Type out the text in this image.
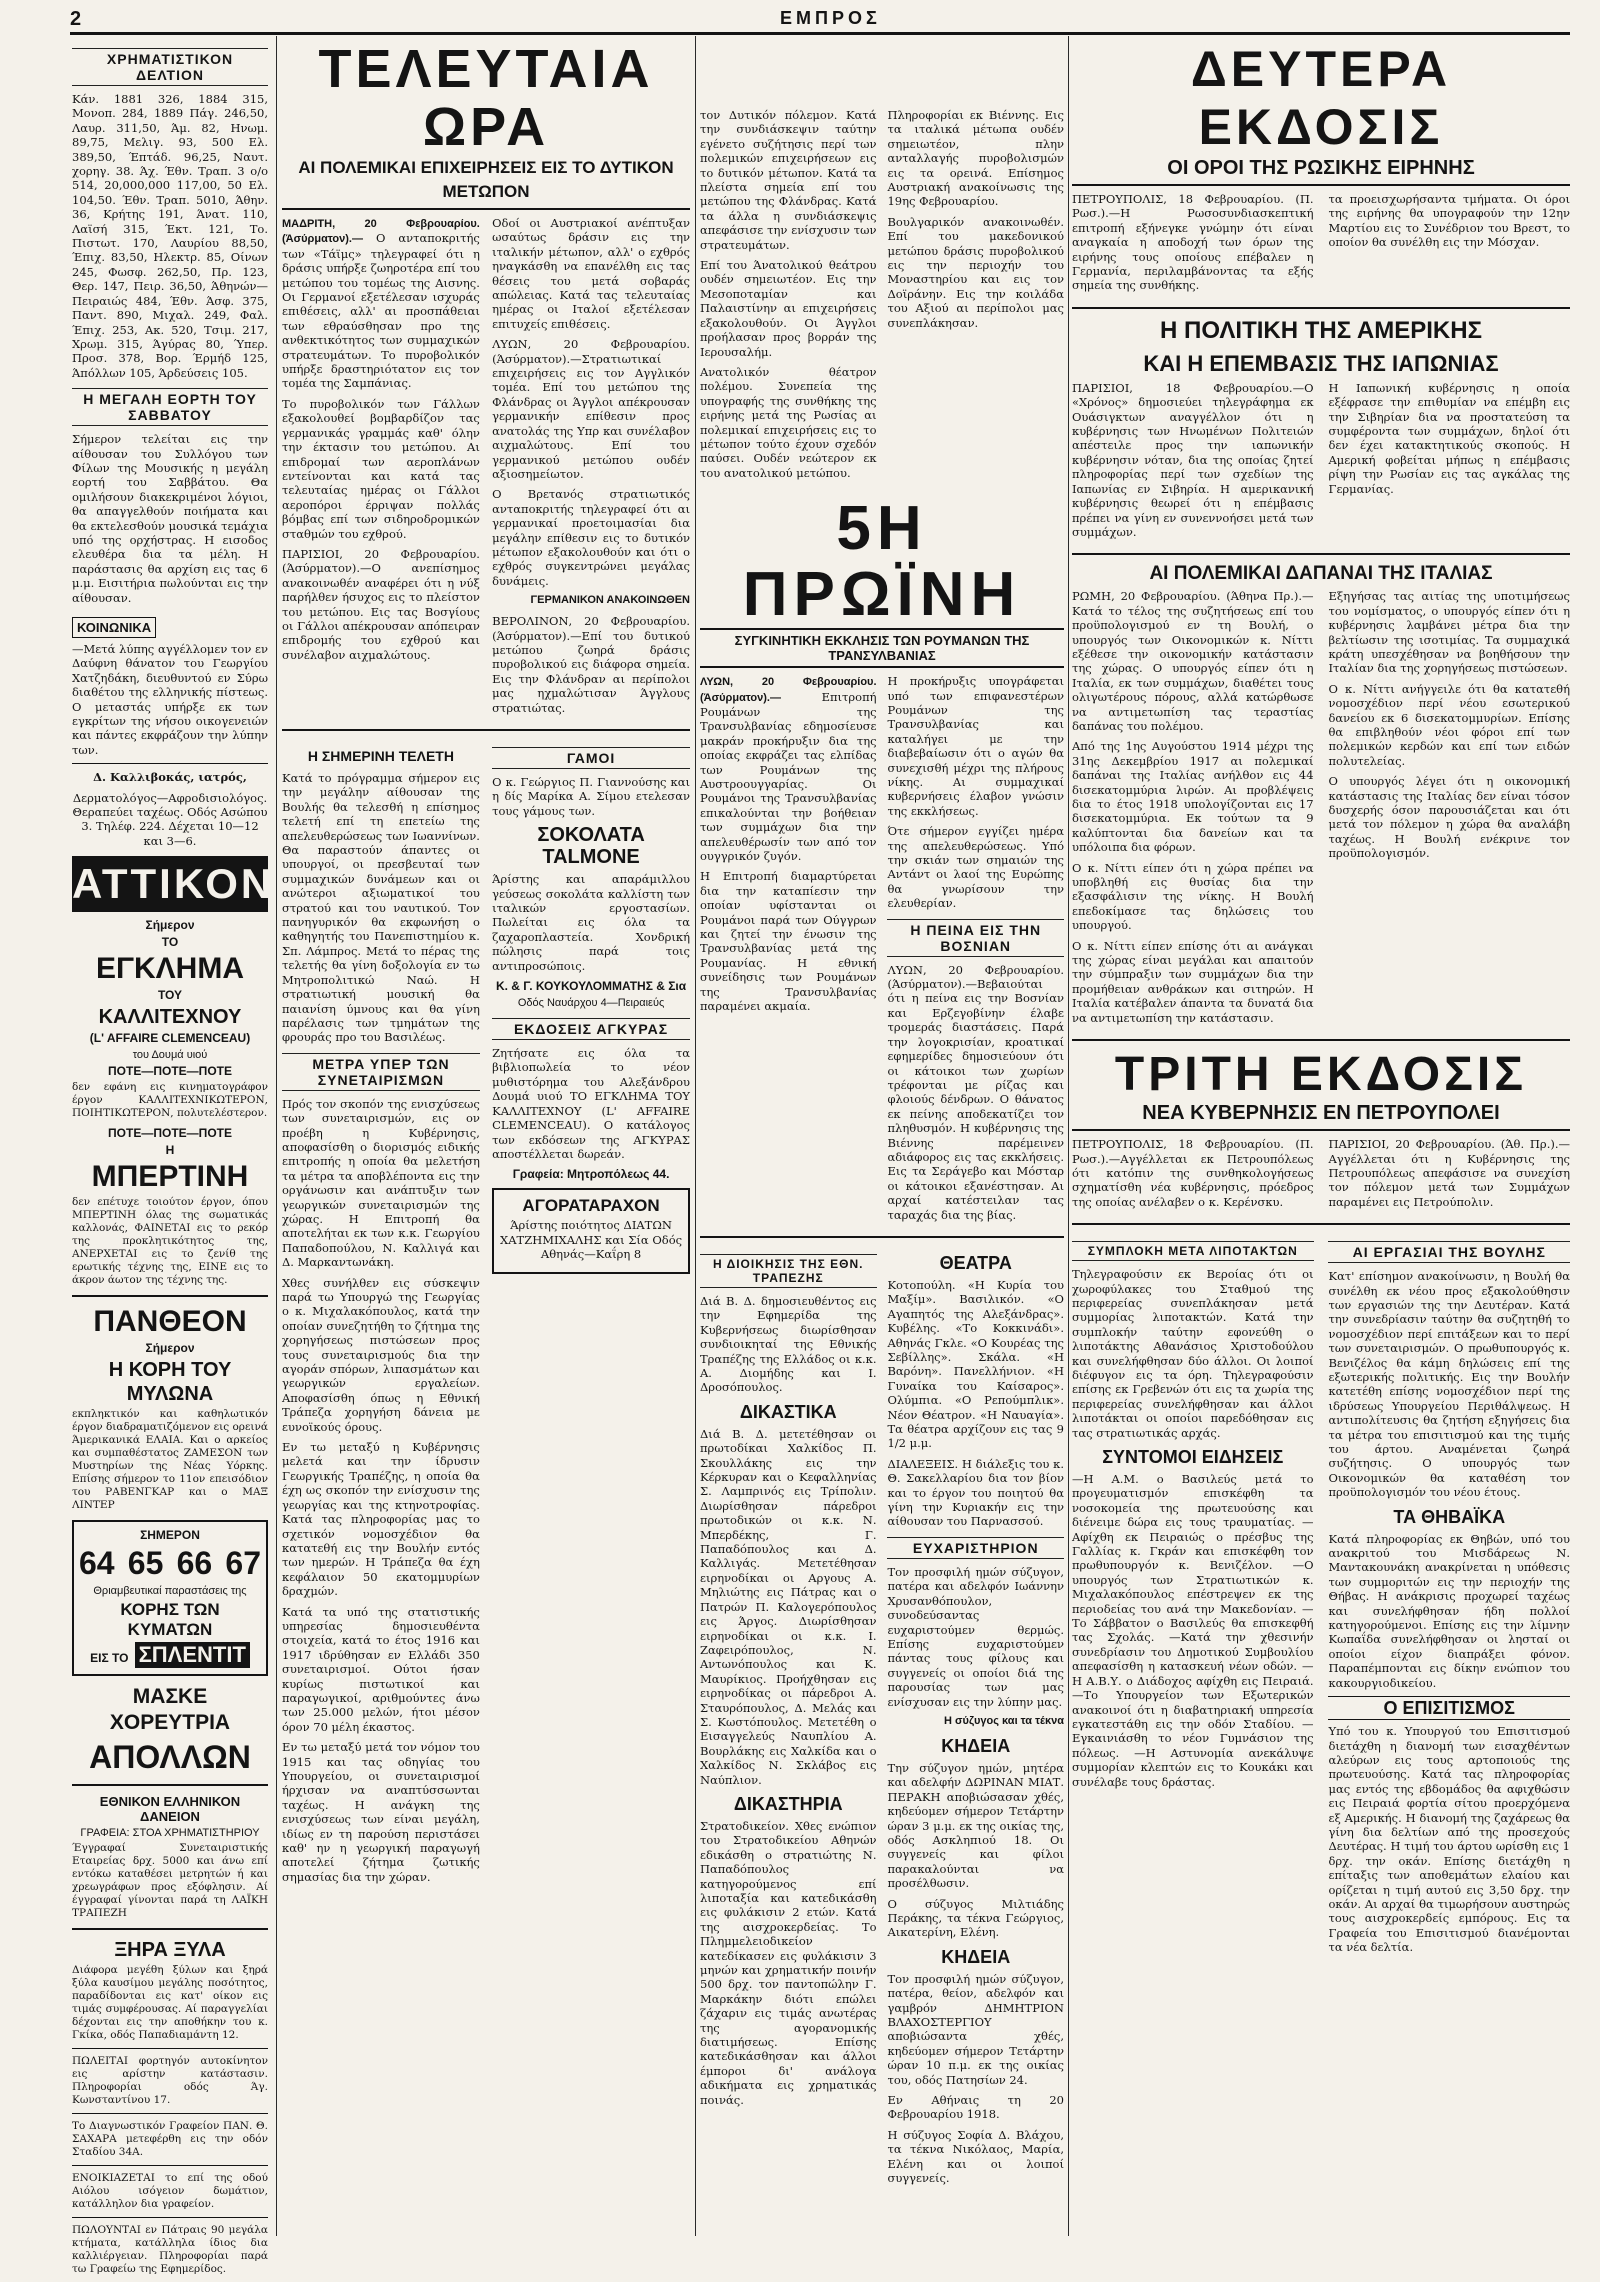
2	ΕΜΠΡΟΣ
ΧΡΗΜΑΤΙΣΤΙΚΟΝ ΔΕΛΤΙΟΝ

Κάν. 1881 326, 1884 315, Μονοπ. 284, 1889 Πάγ. 246,50, Λαυρ. 311,50, Άμ. 82, Ηνωμ. 89,75, Μελιγ. 93, 500 Ελ. 389,50, Έπτάδ. 96,25, Ναυτ. χορηγ. 38. Άχ. Έθν. Τραπ. 3 ο/ο 514, 20,000,000 117,00, 50 Ελ. 104,50. Έθν. Τραπ. 5010, Άθην. 36, Κρήτης 191, Άνατ. 110, Λαϊσή 315, Έκτ. 121, Το. Πιστωτ. 170, Λαυρίου 88,50, Έπιχ. 83,50, Ηλεκτρ. 85, Οίνων 245, Φωσφ. 262,50, Πρ. 123, Θερ. 147, Πειρ. 36,50, Άθηνών—Πειραιώς 484, Έθν. Άσφ. 375, Παντ. 890, Μιχαλ. 249, Φαλ. Έπιχ. 253, Ακ. 520, Τσιμ. 217, Χρωμ. 315, Άγύρας 80, Ύπερ. Προσ. 378, Βορ. Έρμήδ 125, Άπόλλων 105, Άρδεύσεις 105.

Η ΜΕΓΑΛΗ ΕΟΡΤΗ ΤΟΥ ΣΑΒΒΑΤΟΥ

Σήμερον τελείται εις την αίθουσαν του Συλλόγου των Φίλων της Μουσικής η μεγάλη εορτή του Σαββάτου. Θα ομιλήσουν διακεκριμένοι λόγιοι, θα απαγγελθούν ποιήματα και θα εκτελεσθούν μουσικά τεμάχια υπό της ορχήστρας. Η εισοδος ελευθέρα δια τα μέλη. Η παράστασις θα αρχίση εις τας 6 μ.μ. Εισιτήρια πωλούνται εις την αίθουσαν.

ΚΟΙΝΩΝΙΚΑ

—Μετά λύπης αγγέλλομεν τον εν Δαύφνη θάνατον του Γεωργίου Χατζηδάκη, διευθυντού εν Σύρω διαθέτου της ελληνικής πίστεως. Ο μεταστάς υπήρξε εκ των εγκρίτων της νήσου οικογενειών και πάντες εκφράζουν την λύπην των.

Δ. Καλλιβοκάς, ιατρός,

Δερματολόγος—Αφροδισιολόγος. Θεραπεύει ταχέως. Οδός Ασώπου 3. Τηλέφ. 224. Δέχεται 10—12 και 3—6.

ΑΤΤΙΚΟΝ
Σήμερον
ΤΟ
ΕΓΚΛΗΜΑ
ΤΟΥ
ΚΑΛΛΙΤΕΧΝΟΥ
(L' AFFAIRE CLEMENCEAU)
του Δουμά υιού
ΠΟΤΕ—ΠΟΤΕ—ΠΟΤΕ

δεν εφάνη εις κινηματογράφον έργον ΚΑΛΛΙΤΕΧΝΙΚΩΤΕΡΟΝ, ΠΟΙΗΤΙΚΩΤΕΡΟΝ, πολυτελέστερον.

ΠΟΤΕ—ΠΟΤΕ—ΠΟΤΕ
Η
ΜΠΕΡΤΙΝΗ

δεν επέτυχε τοιούτον έργον, όπου ΜΠΕΡΤΙΝΗ όλας της σωματικάς καλλονάς, ΦΑΙΝΕΤΑΙ εις το ρεκόρ της προκλητικότητος της, ΑΝΕΡΧΕΤΑΙ εις το ζενίθ της ερωτικής τέχνης της, ΕΙΝΕ εις το άκρον άωτον της τέχνης της.

ΠΑΝΘΕΟΝ
Σήμερον
Η ΚΟΡΗ ΤΟΥ ΜΥΛΩΝΑ

εκπληκτικόν και καθηλωτικόν έργον διαδραματιζόμενον εις ορεινά Άμερικανικά ΕΛΑΙΑ. Και ο αρκείος και συμπαθέστατος ΖΑΜΕΣΟΝ των Μυστηρίων της Νέας Υόρκης. Επίσης σήμερον το 11ον επεισόδιον του ΡΑΒΕΝΓΚΑΡ και ο ΜΑΞ ΛΙΝΤΕΡ

ΣΗΜΕΡΟΝ
64 65 66 67
Θριαμβευτικαί παραστάσεις της
ΚΟΡΗΣ ΤΩΝ ΚΥΜΑΤΩΝ
ΕΙΣ ΤΟ ΣΠΛΕΝΤΙΤ
ΜΑΣΚΕ ΧΟΡΕΥΤΡΙΑ
ΑΠΟΛΛΩΝ
ΕΘΝΙΚΟΝ ΕΛΛΗΝΙΚΟΝ ΔΑΝΕΙΟΝ
ΓΡΑΦΕΙΑ: ΣΤΟΑ ΧΡΗΜΑΤΙΣΤΗΡΙΟΥ

Έγγραφαί Συνεταιριστικής Εταιρείας δρχ. 5000 και άνω επί εντόκω καταθέσει μετρητών ή και χρεωγράφων προς εξόφλησιν. Αί έγγραφαί γίνονται παρά τη ΛΑΪΚΗ ΤΡΑΠΕΖΗ

ΞΗΡΑ ΞΥΛΑ

Διάφορα μεγέθη ξύλων και ξηρά ξύλα καυσίμου μεγάλης ποσότητος, παραδίδονται εις κατ' οίκον εις τιμάς συμφέρουσας. Αί παραγγελίαι δέχονται εις την αποθήκην του κ. Γκίκα, οδός Παπαδιαμάντη 12.

ΠΩΛΕΙΤΑΙ φορτηγόν αυτοκίνητον εις αρίστην κατάστασιν. Πληροφορίαι οδός Άγ. Κωνσταντίνου 17.

Το Διαγνωστικόν Γραφείον ΠΑΝ. Θ. ΣΑΧΑΡΑ μετεφέρθη εις την οδόν Σταδίου 34Α.

ΕΝΟΙΚΙΑΖΕΤΑΙ το επί της οδού Αιόλου ισόγειον δωμάτιον, κατάλληλον δια γραφείον.

ΠΩΛΟΥΝΤΑΙ εν Πάτραις 90 μεγάλα κτήματα, κατάλληλα ίδιος δια καλλιέργειαν. Πληροφορίαι παρά τω Γραφείω της Εφημερίδος.

ΤΕΛΕΥΤΑΙΑ ΩΡΑ
ΑΙ ΠΟΛΕΜΙΚΑΙ ΕΠΙΧΕΙΡΗΣΕΙΣ ΕΙΣ ΤΟ ΔΥΤΙΚΟΝ ΜΕΤΩΠΟΝ

ΜΑΔΡΙΤΗ, 20 Φεβρουαρίου. (Άσύρματον).— Ο ανταποκριτής των «Τάϊμς» τηλεγραφεί ότι η δράσις υπήρξε ζωηροτέρα επί του μετώπου του τομέως της Αισνης. Οι Γερμανοί εξετέλεσαν ισχυράς επιθέσεις, αλλ' αι προσπάθειαι των εθραύσθησαν προ της ανθεκτικότητος των συμμαχικών στρατευμάτων. Το πυροβολικόν υπήρξε δραστηριότατον εις τον τομέα της Σαμπάνιας.

Το πυροβολικόν των Γάλλων εξακολουθεί βομβαρδίζον τας γερμανικάς γραμμάς καθ' όλην την έκτασιν του μετώπου. Αι επιδρομαί των αεροπλάνων εντείνονται και κατά τας τελευταίας ημέρας οι Γάλλοι αεροπόροι έρριψαν πολλάς βόμβας επί των σιδηροδρομικών σταθμών του εχθρού.

ΠΑΡΙΣΙΟΙ, 20 Φεβρουαρίου. (Άσύρματον).—Ο ανεπίσημος ανακοινωθέν αναφέρει ότι η νύξ παρήλθεν ήσυχος εις το πλείστον του μετώπου. Εις τας Βοσγίους οι Γάλλοι απέκρουσαν απόπειραν επιδρομής του εχθρού και συνέλαβον αιχμαλώτους.

Οδοί οι Αυστριακοί ανέπτυξαν ωσαύτως δράσιν εις την ιταλικήν μέτωπον, αλλ' ο εχθρός ηναγκάσθη να επανέλθη εις τας θέσεις του μετά σοβαράς απώλειας. Κατά τας τελευταίας ημέρας οι Ιταλοί εξετέλεσαν επιτυχείς επιθέσεις.

ΛΥΩΝ, 20 Φεβρουαρίου. (Άσύρματον).—Στρατιωτικαί επιχειρήσεις εις τον Αγγλικόν τομέα. Επί του μετώπου της Φλάνδρας οι Άγγλοι απέκρουσαν γερμανικήν επίθεσιν προς ανατολάς της Υπρ και συνέλαβον αιχμαλώτους. Επί του γερμανικού μετώπου ουδέν αξιοσημείωτον.

Ο Βρετανός στρατιωτικός ανταποκριτής τηλεγραφεί ότι αι γερμανικαί προετοιμασίαι δια μεγάλην επίθεσιν εις το δυτικόν μέτωπον εξακολουθούν και ότι ο εχθρός συγκεντρώνει μεγάλας δυνάμεις.

ΓΕΡΜΑΝΙΚΟΝ ΑΝΑΚΟΙΝΩΘΕΝ

ΒΕΡΟΛΙΝΟΝ, 20 Φεβρουαρίου. (Άσύρματον).—Επί του δυτικού μετώπου ζωηρά δράσις πυροβολικού εις διάφορα σημεία. Εις την Φλάνδραν αι περίπολοι μας ηχμαλώτισαν Άγγλους στρατιώτας.

Η ΣΗΜΕΡΙΝΗ ΤΕΛΕΤΗ

Κατά το πρόγραμμα σήμερον εις την μεγάλην αίθουσαν της Βουλής θα τελεσθή η επίσημος τελετή επί τη επετείω της απελευθερώσεως των Ιωαννίνων. Θα παραστούν άπαντες οι υπουργοί, οι πρεσβευταί των συμμαχικών δυνάμεων και οι ανώτεροι αξιωματικοί του στρατού και του ναυτικού. Τον πανηγυρικόν θα εκφωνήση ο καθηγητής του Πανεπιστημίου κ. Σπ. Λάμπρος. Μετά το πέρας της τελετής θα γίνη δοξολογία εν τω Μητροπολιτικώ Ναώ. Η στρατιωτική μουσική θα παιανίση ύμνους και θα γίνη παρέλασις των τμημάτων της φρουράς προ του Βασιλέως.

ΜΕΤΡΑ ΥΠΕΡ ΤΩΝ ΣΥΝΕΤΑΙΡΙΣΜΩΝ

Πρός τον σκοπόν της ενισχύσεως των συνεταιρισμών, εις ον προέβη η Κυβέρνησις, αποφασίσθη ο διορισμός ειδικής επιτροπής η οποία θα μελετήση τα μέτρα τα αποβλέποντα εις την οργάνωσιν και ανάπτυξιν των γεωργικών συνεταιρισμών της χώρας. Η Επιτροπή θα αποτελήται εκ των κ.κ. Γεωργίου Παπαδοπούλου, Ν. Καλλιγά και Δ. Μαρκαντωνάκη.

Χθες συνήλθεν εις σύσκεψιν παρά τω Υπουργώ της Γεωργίας ο κ. Μιχαλακόπουλος, κατά την οποίαν συνεζητήθη το ζήτημα της χορηγήσεως πιστώσεων προς τους συνεταιρισμούς δια την αγοράν σπόρων, λιπασμάτων και γεωργικών εργαλείων. Αποφασίσθη όπως η Εθνική Τράπεζα χορηγήση δάνεια με ευνοϊκούς όρους.

Εν τω μεταξύ η Κυβέρνησις μελετά και την ίδρυσιν Γεωργικής Τραπέζης, η οποία θα έχη ως σκοπόν την ενίσχυσιν της γεωργίας και της κτηνοτροφίας. Κατά τας πληροφορίας μας το σχετικόν νομοσχέδιον θα κατατεθή εις την Βουλήν εντός των ημερών. Η Τράπεζα θα έχη κεφάλαιον 50 εκατομμυρίων δραχμών.

Κατά τα υπό της στατιστικής υπηρεσίας δημοσιευθέντα στοιχεία, κατά το έτος 1916 και 1917 ιδρύθησαν εν Ελλάδι 350 συνεταιρισμοί. Ούτοι ήσαν κυρίως πιστωτικοί και παραγωγικοί, αριθμούντες άνω των 25.000 μελών, ήτοι μέσον όρον 70 μέλη έκαστος.

Εν τω μεταξύ μετά τον νόμον του 1915 και τας οδηγίας του Υπουργείου, οι συνεταιρισμοί ήρχισαν να αναπτύσσωνται ταχέως. Η ανάγκη της ενισχύσεως των είναι μεγάλη, ιδίως εν τη παρούση περιστάσει καθ' ην η γεωργική παραγωγή αποτελεί ζήτημα ζωτικής σημασίας δια την χώραν.

ΓΑΜΟΙ

Ο κ. Γεώργιος Π. Γιαννούσης και η δίς Μαρίκα Α. Σίμου ετελεσαν τους γάμους των.

ΣΟΚΟΛΑΤΑ TALMONE

Άρίστης και απαράμιλλου γεύσεως σοκολάτα καλλίστη των ιταλικών εργοστασίων. Πωλείται εις όλα τα ζαχαροπλαστεία. Χονδρική πώλησις παρά τοις αντιπροσώποις.

Κ. & Γ. ΚΟΥΚΟΥΛΟΜΜΑΤΗΣ & Σια
Οδός Ναυάρχου 4—Πειραιεύς
ΕΚΔΟΣΕΙΣ ΑΓΚΥΡΑΣ

Ζητήσατε εις όλα τα βιβλιοπωλεία το νέον μυθιστόρημα του Αλεξάνδρου Δουμά υιού ΤΟ ΕΓΚΛΗΜΑ ΤΟΥ ΚΑΛΛΙΤΕΧΝΟΥ (L' AFFAIRE CLEMENCEAU). Ο κατάλογος των εκδόσεων της ΑΓΚΥΡΑΣ αποστέλλεται δωρεάν.

Γραφεία: Μητροπόλεως 44.
ΑΓΟΡΑΤΑΡΑΧΟΝ

Άρίστης ποιότητος ΔΙΑΤΩΝ ΧΑΤΖΗΜΙΧΑΛΗΣ και Σία Οδός Αθηνάς—Καΐρη 8

τον Δυτικόν πόλεμον. Κατά την συνδιάσκεψιν ταύτην εγένετο συζήτησις περί των πολεμικών επιχειρήσεων εις το δυτικόν μέτωπον. Κατά τα πλείστα σημεία επί του μετώπου της Φλάνδρας. Κατά τα άλλα η συνδιάσκεψις απεφάσισε την ενίσχυσιν των στρατευμάτων.

Επί του Άνατολικού θεάτρου ουδέν σημειωτέον. Εις την Μεσοποταμίαν και Παλαιστίνην αι επιχειρήσεις εξακολουθούν. Οι Άγγλοι προήλασαν προς βορράν της Ιερουσαλήμ.

Ανατολικόν θέατρον πολέμου. Συνεπεία της υπογραφής της συνθήκης της ειρήνης μετά της Ρωσίας αι πολεμικαί επιχειρήσεις εις το μέτωπον τούτο έχουν σχεδόν παύσει. Ουδέν νεώτερον εκ του ανατολικού μετώπου.

Πληροφορίαι εκ Βιέννης. Εις τα ιταλικά μέτωπα ουδέν σημειωτέον, πλην ανταλλαγής πυροβολισμών εις τα ορεινά. Επίσημος Αυστριακή ανακοίνωσις της 19ης Φεβρουαρίου.

Βουλγαρικόν ανακοινωθέν. Επί του μακεδονικού μετώπου δράσις πυροβολικού εις την περιοχήν του Μοναστηρίου και εις τον Δοϊράνην. Εις την κοιλάδα του Αξιού αι περίπολοι μας συνεπλάκησαν.

5Η ΠΡΩΪΝΗ
ΣΥΓΚΙΝΗΤΙΚΗ ΕΚΚΛΗΣΙΣ ΤΩΝ ΡΟΥΜΑΝΩΝ ΤΗΣ ΤΡΑΝΣΥΛΒΑΝΙΑΣ

ΛΥΩΝ, 20 Φεβρουαρίου. (Άσύρματον).—	Επιτροπή Ρουμάνων της Τρανσυλβανίας εδημοσίευσε μακράν προκήρυξιν δια της οποίας εκφράζει τας ελπίδας των Ρουμάνων της Αυστροουγγαρίας. Οι Ρουμάνοι της Τρανσυλβανίας επικαλούνται την βοήθειαν των συμμάχων δια την απελευθέρωσίν των από τον ουγγρικόν ζυγόν.

Η Επιτροπή διαμαρτύρεται δια την καταπίεσιν την οποίαν υφίστανται οι Ρουμάνοι παρά των Ούγγρων και ζητεί την ένωσιν της Τρανσυλβανίας μετά της Ρουμανίας. Η εθνική συνείδησις των Ρουμάνων της Τρανσυλβανίας παραμένει ακμαία.

Η προκήρυξις υπογράφεται υπό των επιφανεστέρων Ρουμάνων της Τρανσυλβανίας και καταλήγει με την διαβεβαίωσιν ότι ο αγών θα συνεχισθή μέχρι της πλήρους νίκης. Αι συμμαχικαί κυβερνήσεις έλαβον γνώσιν της εκκλήσεως.

Ότε σήμερον εγγίζει ημέρα της απελευθερώσεως. Υπό την σκιάν των σημαιών της Αντάντ οι λαοί της Ευρώπης θα γνωρίσουν την ελευθερίαν.

Η ΠΕΙΝΑ ΕΙΣ ΤΗΝ ΒΟΣΝΙΑΝ

ΛΥΩΝ, 20 Φεβρουαρίου. (Άσύρματον).—Βεβαιούται ότι η πείνα εις την Βοσνίαν και Ερζεγοβίνην έλαβε τρομεράς διαστάσεις. Παρά την λογοκρισίαν, κροατικαί εφημερίδες δημοσιεύουν ότι οι κάτοικοι των χωρίων τρέφονται με ρίζας και φλοιούς δένδρων. Ο θάνατος εκ πείνης αποδεκατίζει τον πληθυσμόν. Η κυβέρνησις της Βιέννης παρέμεινεν αδιάφορος εις τας εκκλήσεις. Εις τα Σεράγεβο και Μόσταρ οι κάτοικοι εξανέστησαν. Αι αρχαί κατέστειλαν τας ταραχάς δια της βίας.

Η ΔΙΟΙΚΗΣΙΣ ΤΗΣ ΕΘΝ. ΤΡΑΠΕΖΗΣ

Διά Β. Δ. δημοσιευθέντος εις την Εφημερίδα της Κυβερνήσεως διωρίσθησαν συνδιοικηταί της Εθνικής Τραπέζης της Ελλάδος οι κ.κ. Α. Διομήδης και Ι. Δροσόπουλος.

ΔΙΚΑΣΤΙΚΑ

Διά Β. Δ. μετετέθησαν οι πρωτοδίκαι Χαλκίδος Π. Σκουλλάκης εις την Κέρκυραν και ο Κεφαλληνίας Σ. Λαμπρινός εις Τρίπολιν. Διωρίσθησαν πάρεδροι πρωτοδικών οι κ.κ. Ν. Μπερδέκης, Γ. Παπαδόπουλος και Δ. Καλλιγάς. Μετετέθησαν ειρηνοδίκαι οι Αργους Α. Μηλιώτης εις Πάτρας και ο Πατρών Π. Καλογερόπουλος εις Άργος. Διωρίσθησαν ειρηνοδίκαι οι κ.κ. Ι. Ζαφειρόπουλος, Ν. Αντωνόπουλος και Κ. Μαυρίκιος. Προήχθησαν εις ειρηνοδίκας οι πάρεδροι Α. Σταυρόπουλος, Δ. Μελάς και Σ. Κωστόπουλος. Μετετέθη ο Εισαγγελεύς Ναυπλίου Α. Βουρλάκης εις Χαλκίδα και ο Χαλκίδος Ν. Σκλάβος εις Ναύπλιον.

ΔΙΚΑΣΤΗΡΙΑ

Στρατοδικείον. Χθες ενώπιον του Στρατοδικείου Αθηνών εδικάσθη ο στρατιώτης Ν. Παπαδόπουλος κατηγορούμενος επί λιποταξία και κατεδικάσθη εις φυλάκισιν 2 ετών. Κατά της αισχροκερδείας. Το Πλημμελειοδικείον κατεδίκασεν εις φυλάκισιν 3 μηνών και χρηματικήν ποινήν 500 δρχ. τον παντοπώλην Γ. Μαρκάκην διότι επώλει ζάχαριν εις τιμάς ανωτέρας της αγορανομικής διατιμήσεως. Επίσης κατεδικάσθησαν και άλλοι έμποροι δι' ανάλογα αδικήματα εις χρηματικάς ποινάς.

ΘΕΑΤΡΑ

Κοτοπούλη. «Η Κυρία του Μαξίμ». Βασιλικόν. «Ο Αγαπητός της Αλεξάνδρας». Κυβέλης. «Το Κοκκινάδι». Αθηνάς Γκλε. «Ο Κουρέας της Σεβίλλης». Σκάλα. «Η Βαρόνη». Πανελλήνιον. «Η Γυναίκα του Καίσαρος». Ολύμπια. «Ο Ρεπούμπλικ». Νέον Θέατρον. «Η Ναυαγία». Τα θέατρα αρχίζουν εις τας 9 1/2 μ.μ.

ΔΙΑΛΕΞΕΙΣ. Η διάλεξις του κ. Θ. Σακελλαρίου δια τον βίον και το έργον του ποιητού θα γίνη την Κυριακήν εις την αίθουσαν του Παρνασσού.

ΕΥΧΑΡΙΣΤΗΡΙΟΝ

Τον προσφιλή ημών σύζυγον, πατέρα και αδελφόν Ιωάννην Χρυσανθόπουλον, συνοδεύσαντας ευχαριστούμεν θερμώς. Επίσης ευχαριστούμεν πάντας τους φίλους και συγγενείς οι οποίοι διά της παρουσίας των μας ενίσχυσαν εις την λύπην μας.

Η σύζυγος και τα τέκνα
ΚΗΔΕΙΑ

Την σύζυγον ημών, μητέρα και αδελφήν ΔΩΡΙΝΑΝ ΜΙΑΤ. ΠΕΡΑΚΗ αποβιώσασαν χθές, κηδεύομεν σήμερον Τετάρτην ώραν 3 μ.μ. εκ της οικίας της, οδός Ασκληπιού 18. Οι συγγενείς και φίλοι παρακαλούνται να προσέλθωσιν.

Ο σύζυγος Μιλτιάδης Περάκης, τα τέκνα Γεώργιος, Αικατερίνη, Ελένη.

ΚΗΔΕΙΑ

Τον προσφιλή ημών σύζυγον, πατέρα, θείον, αδελφόν και γαμβρόν ΔΗΜΗΤΡΙΟΝ ΒΛΑΧΟΣΤΕΡΓΙΟΥ αποβιώσαντα χθές, κηδεύομεν σήμερον Τετάρτην ώραν 10 π.μ. εκ της οικίας του, οδός Πατησίων 24.

Εν Αθήναις τη 20 Φεβρουαρίου 1918.

Η σύζυγος Σοφία Δ. Βλάχου, τα τέκνα Νικόλαος, Μαρία, Ελένη και οι λοιποί συγγενείς.

ΔΕΥΤΕΡΑ ΕΚΔΟΣΙΣ
ΟΙ ΟΡΟΙ ΤΗΣ ΡΩΣΙΚΗΣ ΕΙΡΗΝΗΣ

ΠΕΤΡΟΥΠΟΛΙΣ, 18 Φεβρουαρίου. (Π. Ρωσ.).—Η Ρωσοσυνδιασκεπτική επιτροπή εξήνεγκε γνώμην ότι είναι αναγκαία η αποδοχή των όρων της ειρήνης τους οποίους επέβαλεν η Γερμανία, περιλαμβάνοντας τα εξής σημεία της συνθήκης.

τα προεισχωρήσαντα τμήματα. Οι όροι της ειρήνης θα υπογραφούν την 12ην Μαρτίου εις το Συνέδριον του Βρεστ, το οποίον θα συνέλθη εις την Μόσχαν.

Η ΠΟΛΙΤΙΚΗ ΤΗΣ ΑΜΕΡΙΚΗΣ
ΚΑΙ Η ΕΠΕΜΒΑΣΙΣ ΤΗΣ ΙΑΠΩΝΙΑΣ

ΠΑΡΙΣΙΟΙ, 18 Φεβρουαρίου.—Ο «Χρόνος» δημοσιεύει τηλεγράφημα εκ Ουάσιγκτων αναγγέλλον ότι η κυβέρνησις των Ηνωμένων Πολιτειών απέστειλε προς την ιαπωνικήν κυβέρνησιν νόταν, δια της οποίας ζητεί πληροφορίας περί των σχεδίων της Ιαπωνίας εν Σιβηρία. Η αμερικανική κυβέρνησις θεωρεί ότι η επέμβασις πρέπει να γίνη εν συνεννοήσει μετά των συμμάχων.

Η Ιαπωνική κυβέρνησις η οποία εξέφρασε την επιθυμίαν να επέμβη εις την Σιβηρίαν δια να προστατεύση τα συμφέροντα των συμμάχων, δηλοί ότι δεν έχει κατακτητικούς σκοπούς. Η Αμερική φοβείται μήπως η επέμβασις ρίψη την Ρωσίαν εις τας αγκάλας της Γερμανίας.

ΑΙ ΠΟΛΕΜΙΚΑΙ ΔΑΠΑΝΑΙ ΤΗΣ ΙΤΑΛΙΑΣ

ΡΩΜΗ, 20 Φεβρουαρίου. (Άθηνα Πρ.).—Κατά το τέλος της συζητήσεως επί του προϋπολογισμού εν τη Βουλή, ο υπουργός των Οικονομικών κ. Νίττι εξέθεσε την οικονομικήν κατάστασιν της χώρας. Ο υπουργός είπεν ότι η Ιταλία, εκ των συμμάχων, διαθέτει τους ολιγωτέρους πόρους, αλλά κατώρθωσε να αντιμετωπίση τας τεραστίας δαπάνας του πολέμου.

Από της 1ης Αυγούστου 1914 μέχρι της 31ης Δεκεμβρίου 1917 αι πολεμικαί δαπάναι της Ιταλίας ανήλθον εις 44 δισεκατομμύρια λιρών. Αι προβλέψεις δια το έτος 1918 υπολογίζονται εις 17 δισεκατομμύρια. Εκ τούτων τα 9 καλύπτονται δια δανείων και τα υπόλοιπα δια φόρων.

Ο κ. Νίττι είπεν ότι η χώρα πρέπει να υποβληθή εις θυσίας δια την εξασφάλισιν της νίκης. Η Βουλή επεδοκίμασε τας δηλώσεις του υπουργού.

Ο κ. Νίττι είπεν επίσης ότι αι ανάγκαι της χώρας είναι μεγάλαι και απαιτούν την σύμπραξιν των συμμάχων δια την προμήθειαν ανθράκων και σιτηρών. Η Ιταλία κατέβαλεν άπαντα τα δυνατά δια να αντιμετωπίση την κατάστασιν.

Εξηγήσας τας αιτίας της υποτιμήσεως του νομίσματος, ο υπουργός είπεν ότι η κυβέρνησις λαμβάνει μέτρα δια την βελτίωσιν της ισοτιμίας. Τα συμμαχικά κράτη υπεσχέθησαν να βοηθήσουν την Ιταλίαν δια της χορηγήσεως πιστώσεων.

Ο κ. Νίττι ανήγγειλε ότι θα κατατεθή νομοσχέδιον περί νέου εσωτερικού δανείου εκ 6 δισεκατομμυρίων. Επίσης θα επιβληθούν νέοι φόροι επί των πολεμικών κερδών και επί των ειδών πολυτελείας.

Ο υπουργός λέγει ότι η οικονομική κατάστασις της Ιταλίας δεν είναι τόσον δυσχερής όσον παρουσιάζεται και ότι μετά τον πόλεμον η χώρα θα αναλάβη ταχέως. Η Βουλή ενέκρινε τον προϋπολογισμόν.

ΤΡΙΤΗ ΕΚΔΟΣΙΣ
ΝΕΑ ΚΥΒΕΡΝΗΣΙΣ ΕΝ ΠΕΤΡΟΥΠΟΛΕΙ

ΠΕΤΡΟΥΠΟΛΙΣ, 18 Φεβρουαρίου. (Π. Ρωσ.).—Αγγέλλεται εκ Πετρουπόλεως ότι κατόπιν της συνθηκολογήσεως σχηματίσθη νέα κυβέρνησις, πρόεδρος της οποίας ανέλαβεν ο κ. Κερένσκυ.

ΠΑΡΙΣΙΟΙ, 20 Φεβρουαρίου. (Άθ. Πρ.).—Αγγέλλεται ότι η Κυβέρνησις της Πετρουπόλεως απεφάσισε να συνεχίση τον πόλεμον μετά των Συμμάχων παραμένει εις Πετρούπολιν.

ΣΥΜΠΛΟΚΗ ΜΕΤΑ ΛΙΠΟΤΑΚΤΩΝ

Τηλεγραφούσιν εκ Βεροίας ότι οι χωροφύλακες του Σταθμού της περιφερείας συνεπλάκησαν μετά συμμορίας λιποτακτών. Κατά την συμπλοκήν ταύτην εφονεύθη ο λιποτάκτης Αθανάσιος Χριστοδούλου και συνελήφθησαν δύο άλλοι. Οι λοιποί διέφυγον εις τα όρη. Τηλεγραφούσιν επίσης εκ Γρεβενών ότι εις τα χωρία της περιφερείας συνελήφθησαν και άλλοι λιποτάκται οι οποίοι παρεδόθησαν εις τας στρατιωτικάς αρχάς.

ΣΥΝΤΟΜΟΙ ΕΙΔΗΣΕΙΣ

—Η Α.Μ. ο Βασιλεύς μετά το προγευματισμόν επισκέφθη τα νοσοκομεία της πρωτευούσης και διένειμε δώρα εις τους τραυματίας. —Αφίχθη εκ Πειραιώς ο πρέσβυς της Γαλλίας κ. Γκράν και επισκέφθη τον πρωθυπουργόν κ. Βενιζέλον. —Ο υπουργός των Στρατιωτικών κ. Μιχαλακόπουλος επέστρεψεν εκ της περιοδείας του ανά την Μακεδονίαν. —Το Σάββατον ο Βασιλεύς θα επισκεφθή τας Σχολάς. —Κατά την χθεσινήν συνεδρίασιν του Δημοτικού Συμβουλίου απεφασίσθη η κατασκευή νέων οδών. —Η Α.Β.Υ. ο Διάδοχος αφίχθη εις Πειραιά. —Το Υπουργείον των Εξωτερικών ανακοινοί ότι η διαβατηριακή υπηρεσία εγκατεστάθη εις την οδόν Σταδίου. —Εγκαινιάσθη το νέον Γυμνάσιον της πόλεως. —Η Αστυνομία ανεκάλυψε συμμορίαν κλεπτών εις το Κουκάκι και συνέλαβε τους δράστας.

ΑΙ ΕΡΓΑΣΙΑΙ ΤΗΣ ΒΟΥΛΗΣ

Κατ' επίσημον ανακοίνωσιν, η Βουλή θα συνέλθη εκ νέου προς εξακολούθησιν των εργασιών της την Δευτέραν. Κατά την συνεδρίασιν ταύτην θα συζητηθή το νομοσχέδιον περί επιτάξεων και το περί των συνεταιρισμών. Ο πρωθυπουργός κ. Βενιζέλος θα κάμη δηλώσεις επί της εξωτερικής πολιτικής. Εις την Βουλήν κατετέθη επίσης νομοσχέδιον περί της ιδρύσεως Υπουργείου Περιθάλψεως. Η αντιπολίτευσις θα ζητήση εξηγήσεις δια τα μέτρα του επισιτισμού και της τιμής του άρτου. Αναμένεται ζωηρά συζήτησις. Ο υπουργός των Οικονομικών θα καταθέση τον προϋπολογισμόν του νέου έτους.

ΤΑ ΘΗΒΑΪΚΑ

Κατά πληροφορίας εκ Θηβών, υπό του ανακριτού του Μισδάρεως Ν. Μαντακουνάκη ανακρίνεται η υπόθεσις των συμμοριτών εις την περιοχήν της Θήβας. Η ανάκρισις προχωρεί ταχέως και συνελήφθησαν ήδη πολλοί κατηγορούμενοι. Επίσης εις την λίμνην Κωπαΐδα συνελήφθησαν οι λησταί οι οποίοι είχον διαπράξει φόνον. Παραπέμπονται εις δίκην ενώπιον του κακουργιοδικείου.

Ο ΕΠΙΣΙΤΙΣΜΟΣ

Υπό του κ. Υπουργού του Επισιτισμού διετάχθη η διανομή των εισαχθέντων αλεύρων εις τους αρτοποιούς της πρωτευούσης. Κατά τας πληροφορίας μας εντός της εβδομάδος θα αφιχθώσιν εις Πειραιά φορτία σίτου προερχόμενα εξ Αμερικής. Η διανομή της ζαχάρεως θα γίνη δια δελτίων από της προσεχούς Δευτέρας. Η τιμή του άρτου ωρίσθη εις 1 δρχ. την οκάν. Επίσης διετάχθη η επίταξις των αποθεμάτων ελαίου και ορίζεται η τιμή αυτού εις 3,50 δρχ. την οκάν. Αι αρχαί θα τιμωρήσουν αυστηρώς τους αισχροκερδείς εμπόρους. Εις τα Γραφεία του Επισιτισμού διανέμονται τα νέα δελτία.
